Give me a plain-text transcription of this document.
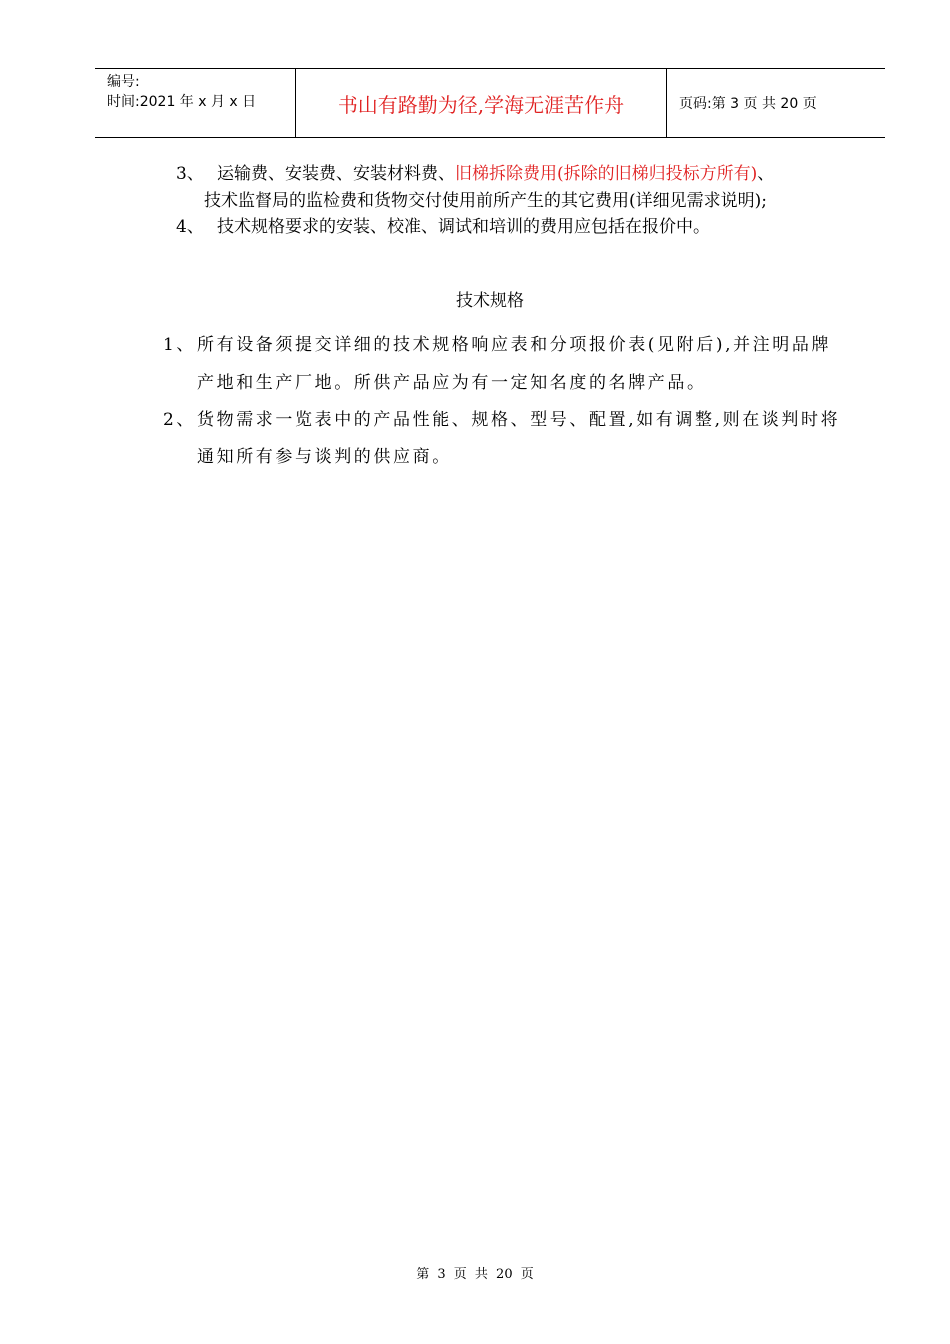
编号:
时间:2021 年 x 月 x 日	书山有路勤为径,学海无涯苦作舟	页码:第 3 页 共 20 页
3、 运输费、安装费、安装材料费、旧梯拆除费用(拆除的旧梯归投标方所有)、
技术监督局的监检费和货物交付使用前所产生的其它费用(详细见需求说明);
4、 技术规格要求的安装、校准、调试和培训的费用应包括在报价中。
技术规格
1、 所有设备须提交详细的技术规格响应表和分项报价表(见附后),并注明品牌
产地和生产厂地。所供产品应为有一定知名度的名牌产品。
2、 货物需求一览表中的产品性能、规格、型号、配置,如有调整,则在谈判时将
通知所有参与谈判的供应商。
第 3 页 共 20 页
